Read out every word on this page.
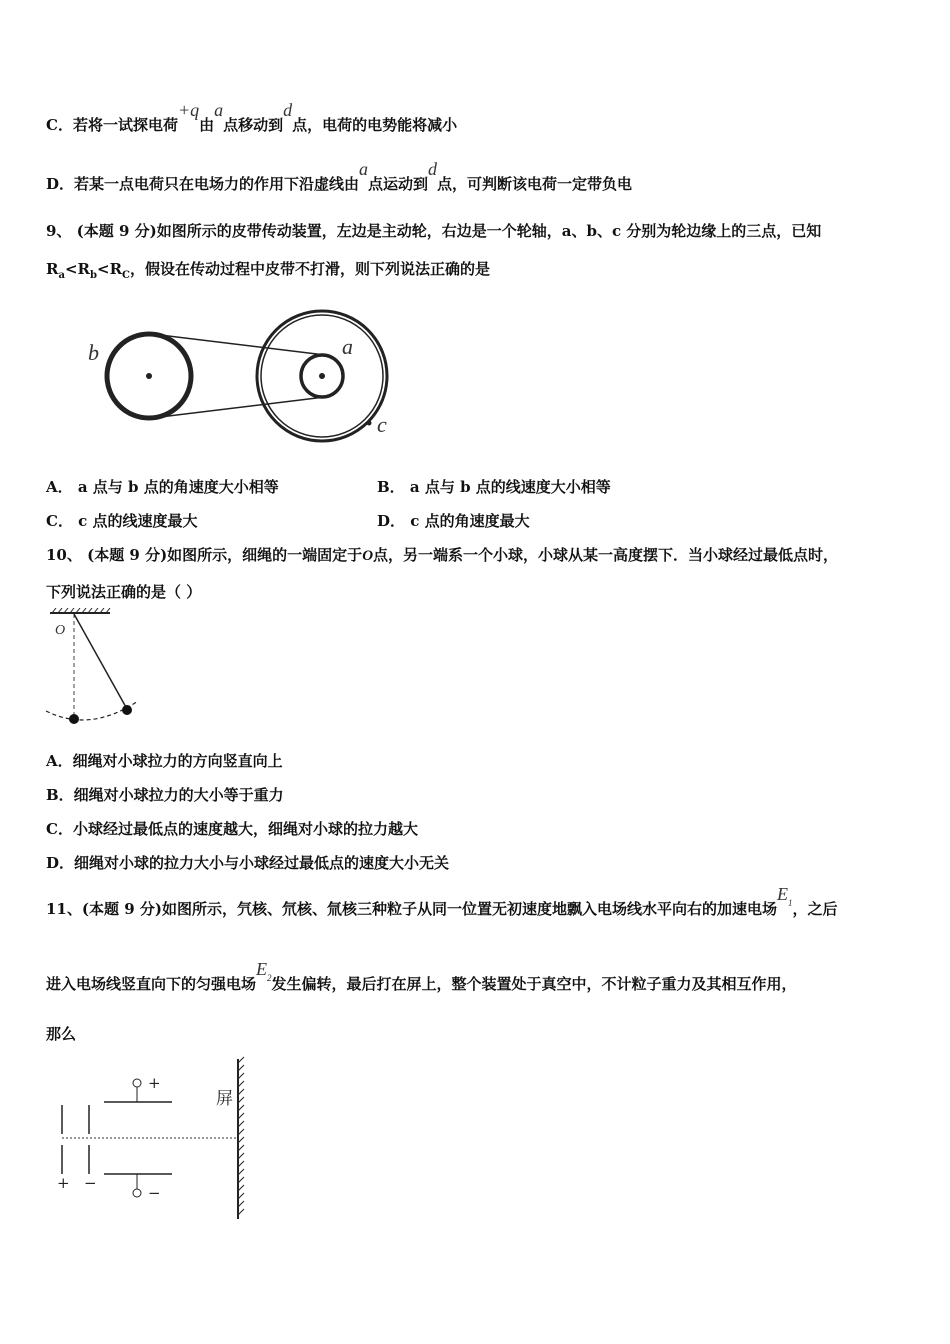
C．若将一试探电荷+q由a点移动到d点，电荷的电势能将减小
D．若某一点电荷只在电场力的作用下沿虚线由a点运动到d点，可判断该电荷一定带负电
9、 (本题 9 分)如图所示的皮带传动装置，左边是主动轮，右边是一个轮轴，a、b、c 分别为轮边缘上的三点，已知
$R_a<R_b<R_C$，假设在传动过程中皮带不打滑，则下列说法正确的是
b	a
c
A． a 点与 b 点的角速度大小相等	B． a 点与 b 点的线速度大小相等
C． c 点的线速度最大	D． c 点的角速度最大
10、 (本题 9 分)如图所示，细绳的一端固定于O点，另一端系一个小球，小球从某一高度摆下．当小球经过最低点时，
下列说法正确的是（ ）
O
A．细绳对小球拉力的方向竖直向上
B．细绳对小球拉力的大小等于重力
C．小球经过最低点的速度越大，细绳对小球的拉力越大
D．细绳对小球的拉力大小与小球经过最低点的速度大小无关
11、(本题 9 分)如图所示，氕核、氘核、氚核三种粒子从同一位置无初速度地飘入电场线水平向右的加速电场$E^1$，之后
进入电场线竖直向下的匀强电场$E^2$发生偏转，最后打在屏上，整个装置处于真空中，不计粒子重力及其相互作用，
那么
+
−
+ −
屏
